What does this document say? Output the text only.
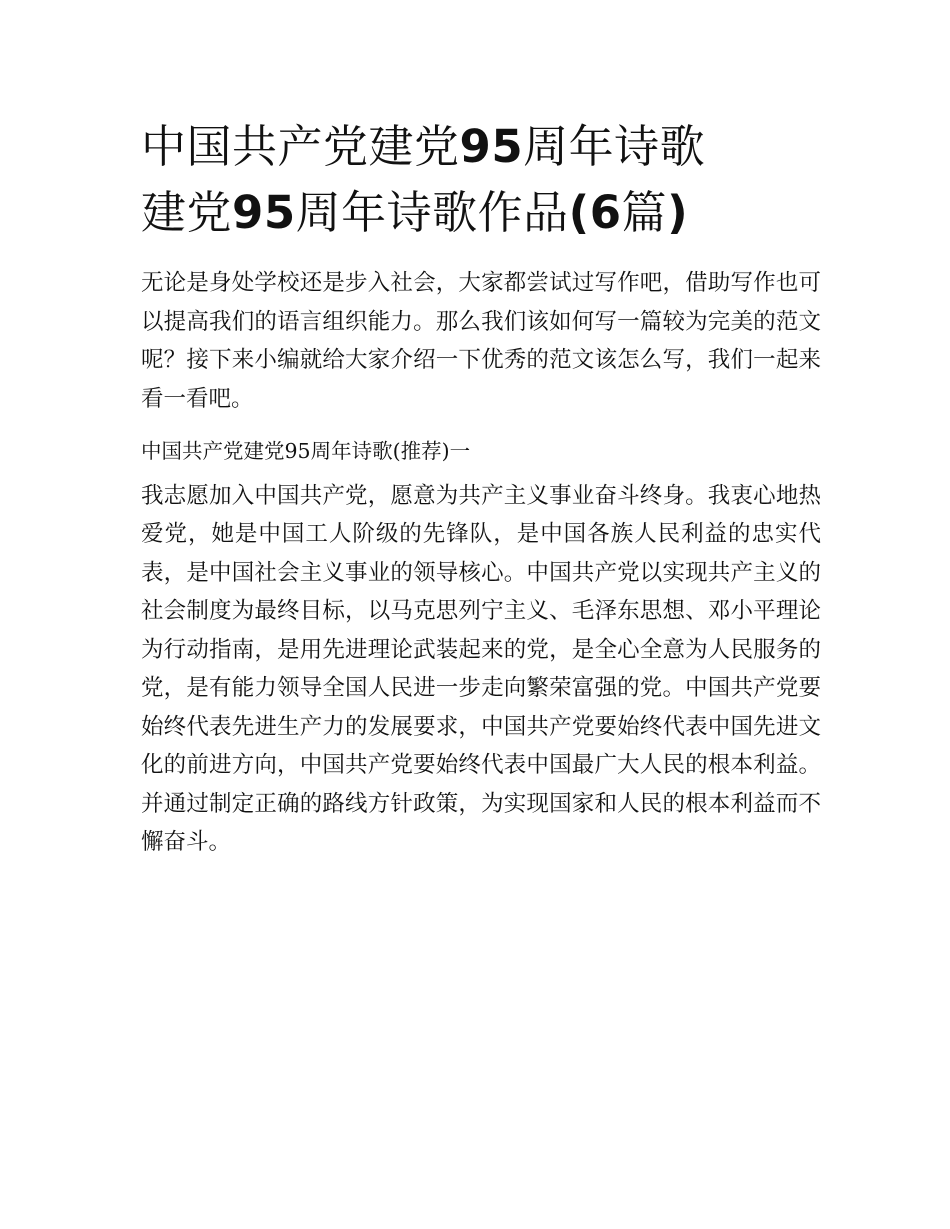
中国共产党建党95周年诗歌
建党95周年诗歌作品(6篇)

无论是身处学校还是步入社会，大家都尝试过写作吧，借助写作也可以提高我们的语言组织能力。那么我们该如何写一篇较为完美的范文呢？接下来小编就给大家介绍一下优秀的范文该怎么写，我们一起来看一看吧。

中国共产党建党95周年诗歌(推荐)一

我志愿加入中国共产党，愿意为共产主义事业奋斗终身。我衷心地热爱党，她是中国工人阶级的先锋队，是中国各族人民利益的忠实代表，是中国社会主义事业的领导核心。中国共产党以实现共产主义的社会制度为最终目标，以马克思列宁主义、毛泽东思想、邓小平理论为行动指南，是用先进理论武装起来的党，是全心全意为人民服务的党，是有能力领导全国人民进一步走向繁荣富强的党。中国共产党要始终代表先进生产力的发展要求，中国共产党要始终代表中国先进文化的前进方向，中国共产党要始终代表中国最广大人民的根本利益。并通过制定正确的路线方针政策，为实现国家和人民的根本利益而不懈奋斗。
